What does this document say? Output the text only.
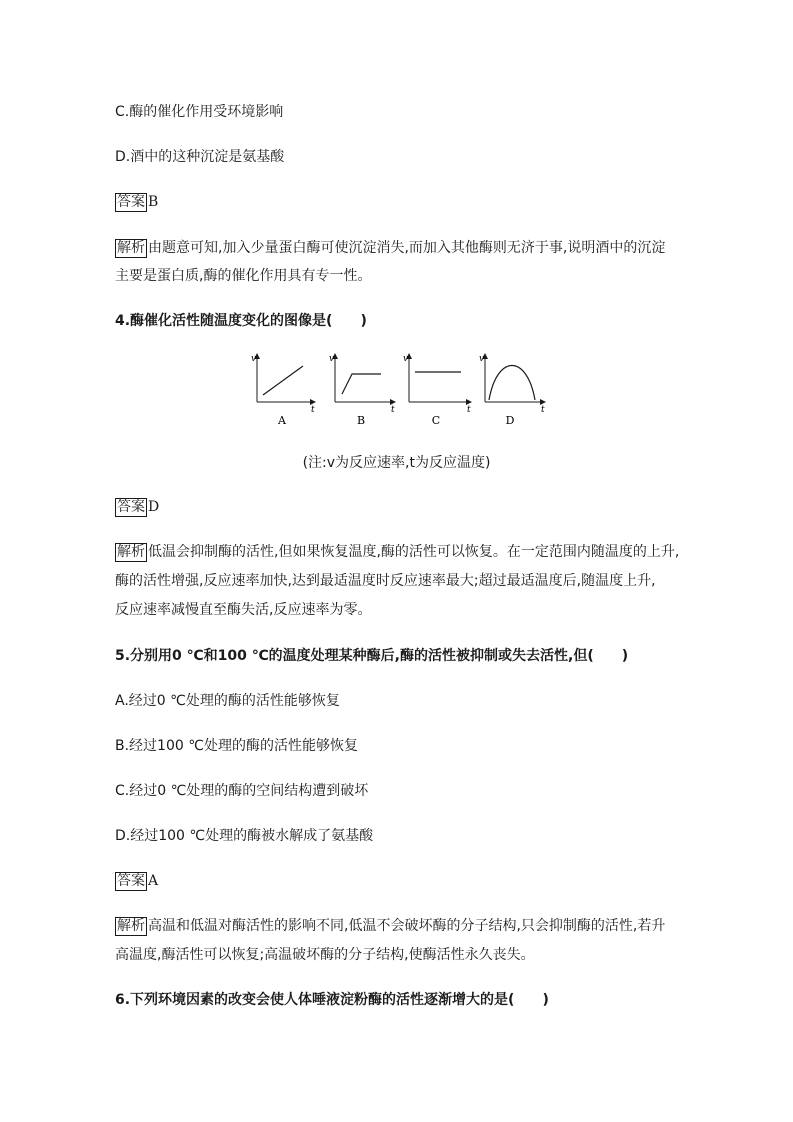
C.酶的催化作用受环境影响
D.酒中的这种沉淀是氨基酸
答案 B
解析 由题意可知,加入少量蛋白酶可使沉淀消失,而加入其他酶则无济于事,说明酒中的沉淀
主要是蛋白质,酶的催化作用具有专一性。
4.酶催化活性随温度变化的图像是(　　)
v
t
A
v
t
B
v
t
C
v
t
D
(注:v为反应速率,t为反应温度)
答案 D
解析 低温会抑制酶的活性,但如果恢复温度,酶的活性可以恢复。在一定范围内随温度的上升,
酶的活性增强,反应速率加快,达到最适温度时反应速率最大;超过最适温度后,随温度上升,
反应速率减慢直至酶失活,反应速率为零。
5.分别用0 ℃和100 ℃的温度处理某种酶后,酶的活性被抑制或失去活性,但(　　)
A.经过0 ℃处理的酶的活性能够恢复
B.经过100 ℃处理的酶的活性能够恢复
C.经过0 ℃处理的酶的空间结构遭到破坏
D.经过100 ℃处理的酶被水解成了氨基酸
答案 A
解析 高温和低温对酶活性的影响不同,低温不会破坏酶的分子结构,只会抑制酶的活性,若升
高温度,酶活性可以恢复;高温破坏酶的分子结构,使酶活性永久丧失。
6.下列环境因素的改变会使人体唾液淀粉酶的活性逐渐增大的是(　　)
